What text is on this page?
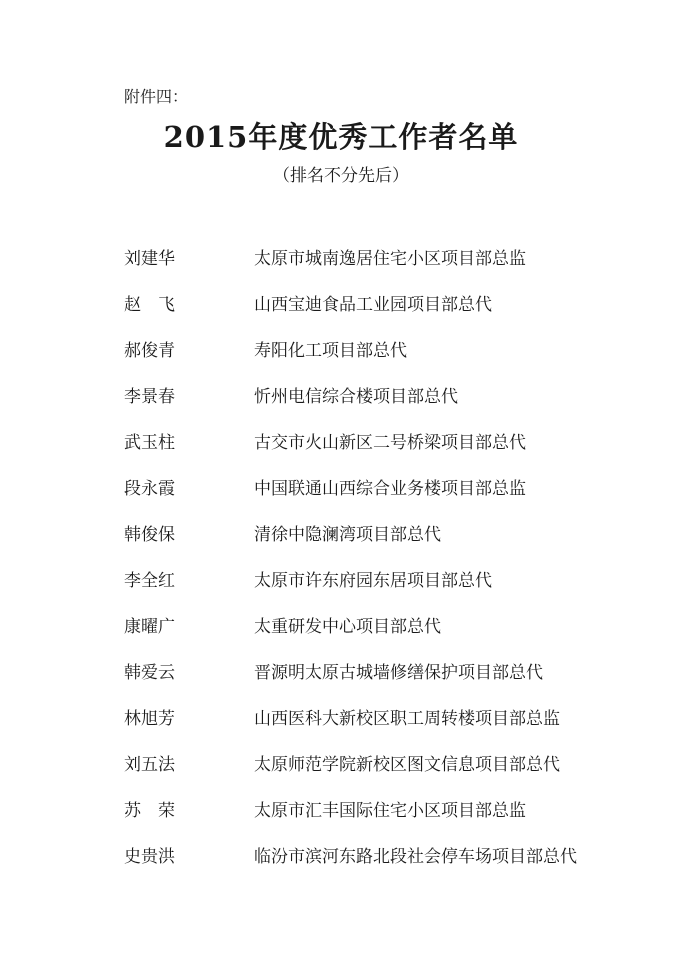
附件四：
2015年度优秀工作者名单
（排名不分先后）
刘建华	太原市城南逸居住宅小区项目部总监
赵　飞	山西宝迪食品工业园项目部总代
郝俊青	寿阳化工项目部总代
李景春	忻州电信综合楼项目部总代
武玉柱	古交市火山新区二号桥梁项目部总代
段永霞	中国联通山西综合业务楼项目部总监
韩俊保	清徐中隐澜湾项目部总代
李全红	太原市许东府园东居项目部总代
康曜广	太重研发中心项目部总代
韩爱云	晋源明太原古城墙修缮保护项目部总代
林旭芳	山西医科大新校区职工周转楼项目部总监
刘五法	太原师范学院新校区图文信息项目部总代
苏　荣	太原市汇丰国际住宅小区项目部总监
史贵洪	临汾市滨河东路北段社会停车场项目部总代
